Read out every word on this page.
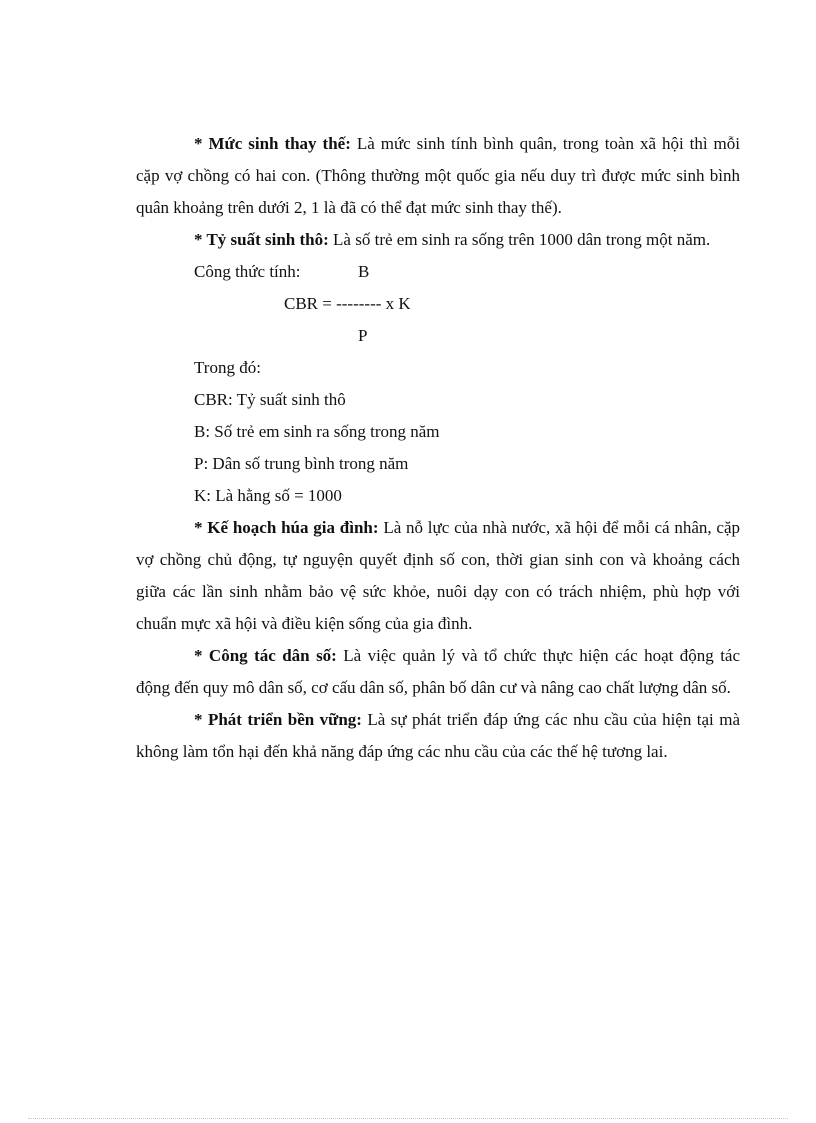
* Mức sinh thay thế: Là mức sinh tính bình quân, trong toàn xã hội thì mỗi cặp vợ chồng có hai con. (Thông thường một quốc gia nếu duy trì được mức sinh bình quân khoảng trên dưới 2, 1 là đã có thể đạt mức sinh thay thế).

* Tỷ suất sinh thô: Là số trẻ em sinh ra sống trên 1000 dân trong một năm.

Công thức tính:	B
CBR = -------- x K
P

Trong đó:

CBR: Tỷ suất sinh thô

B: Số trẻ em sinh ra sống trong năm

P: Dân số trung bình trong năm

K: Là hằng số = 1000

* Kế hoạch húa gia đình: Là nỗ lực của nhà nước, xã hội để mỗi cá nhân, cặp vợ chồng chủ động, tự nguyện quyết định số con, thời gian sinh con và khoảng cách giữa các lần sinh nhằm bảo vệ sức khỏe, nuôi dạy con có trách nhiệm, phù hợp với chuẩn mực xã hội và điều kiện sống của gia đình.

* Công tác dân số: Là việc quản lý và tổ chức thực hiện các hoạt động tác động đến quy mô dân số, cơ cấu dân số, phân bố dân cư và nâng cao chất lượng dân số.

* Phát triển bền vững: Là sự phát triển đáp ứng các nhu cầu của hiện tại mà không làm tổn hại đến khả năng đáp ứng các nhu cầu của các thế hệ tương lai.
